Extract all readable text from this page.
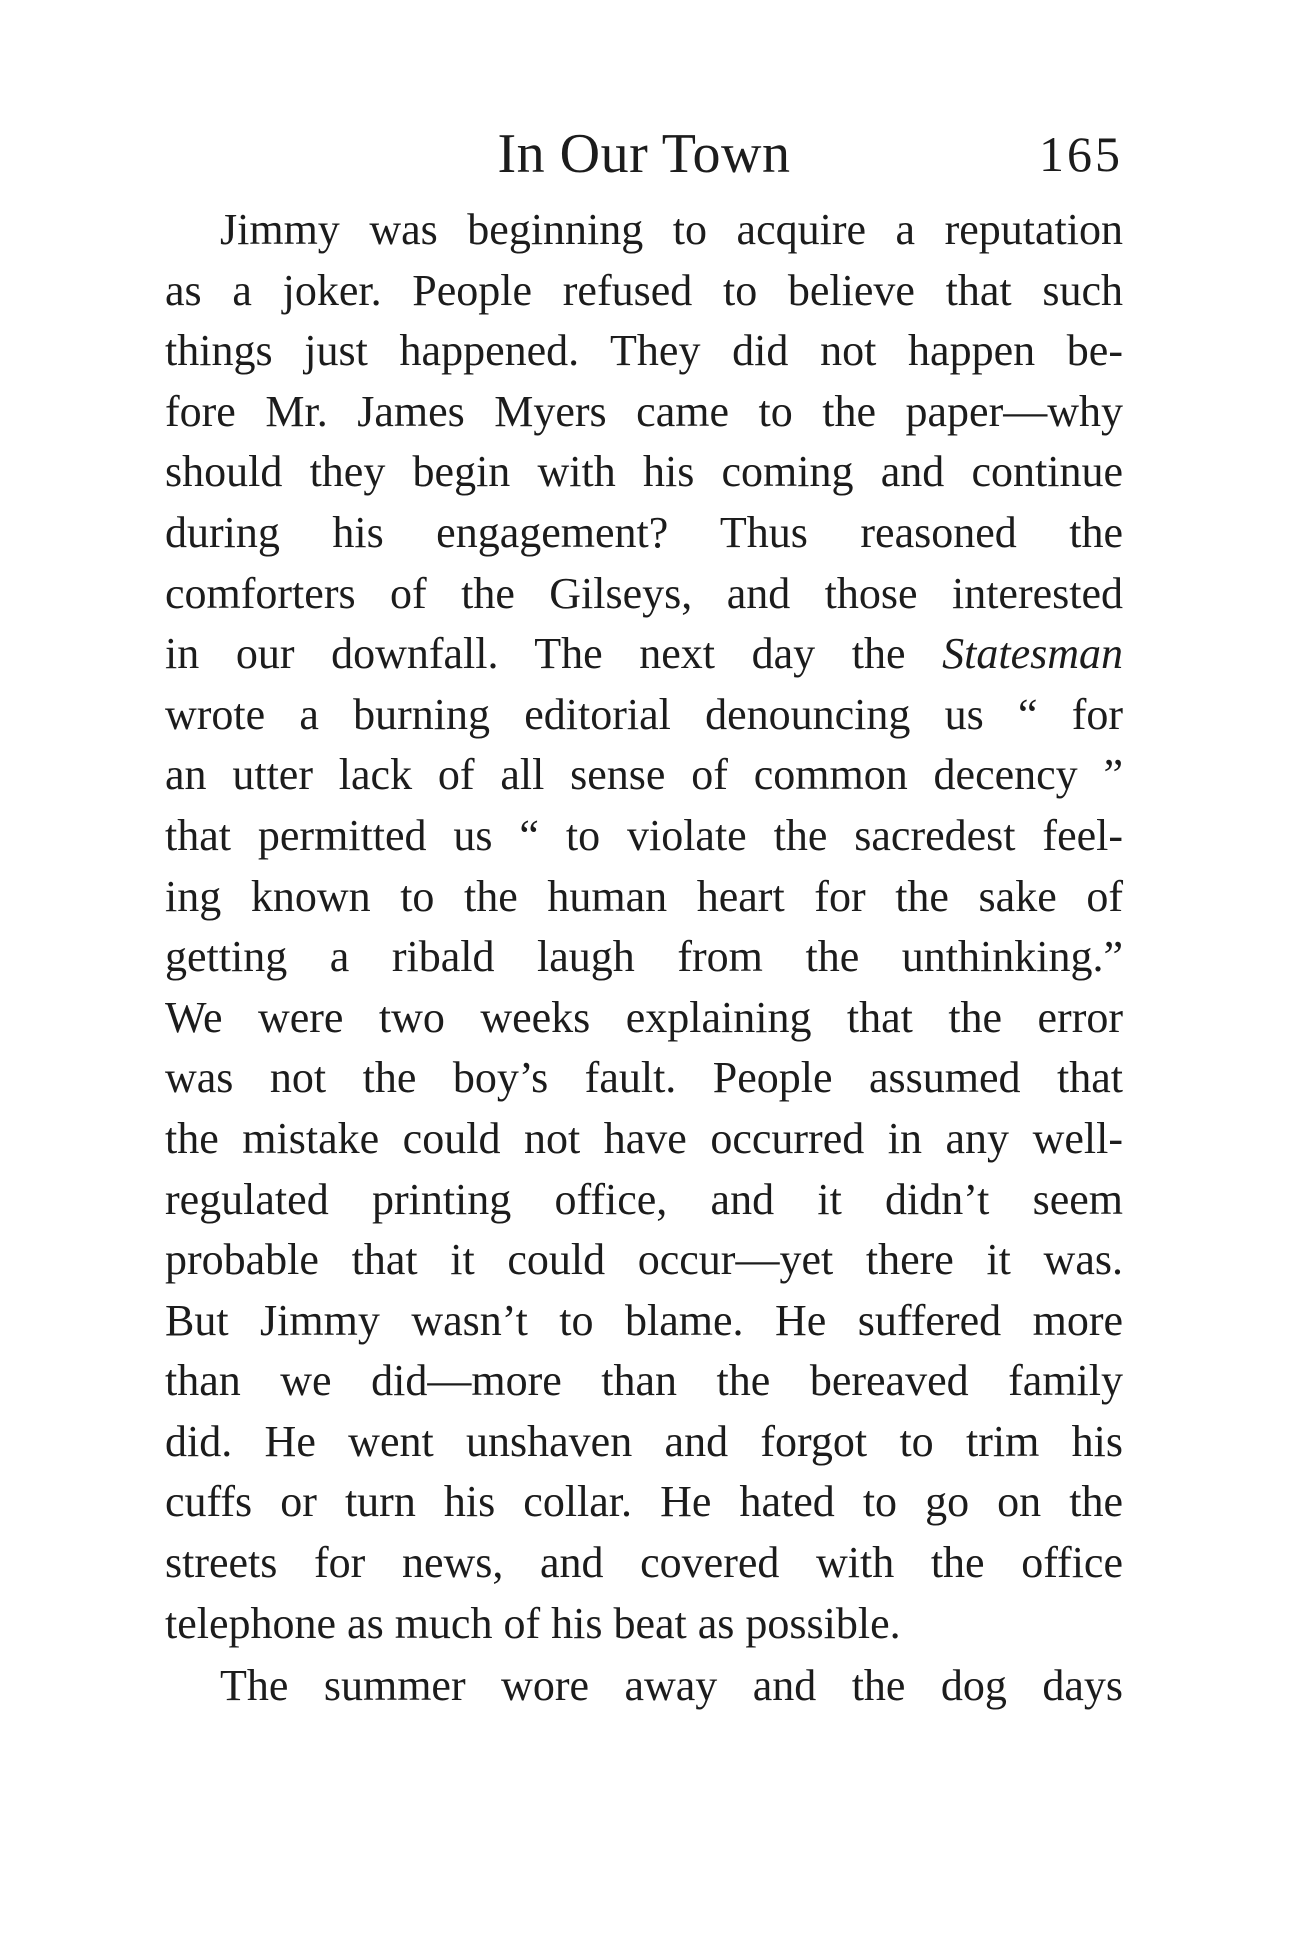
In Our Town	165
Jimmy was beginning to acquire a reputation
as a joker. People refused to believe that such
things just happened. They did not happen be-
fore Mr. James Myers came to the paper—why
should they begin with his coming and continue
during his engagement? Thus reasoned the
comforters of the Gilseys, and those interested
in our downfall. The next day the Statesman
wrote a burning editorial denouncing us “ for
an utter lack of all sense of common decency ”
that permitted us “ to violate the sacredest feel-
ing known to the human heart for the sake of
getting a ribald laugh from the unthinking.”
We were two weeks explaining that the error
was not the boy’s fault. People assumed that
the mistake could not have occurred in any well-
regulated printing office, and it didn’t seem
probable that it could occur—yet there it was.
But Jimmy wasn’t to blame. He suffered more
than we did—more than the bereaved family
did. He went unshaven and forgot to trim his
cuffs or turn his collar. He hated to go on the
streets for news, and covered with the office
telephone as much of his beat as possible.
The summer wore away and the dog days
